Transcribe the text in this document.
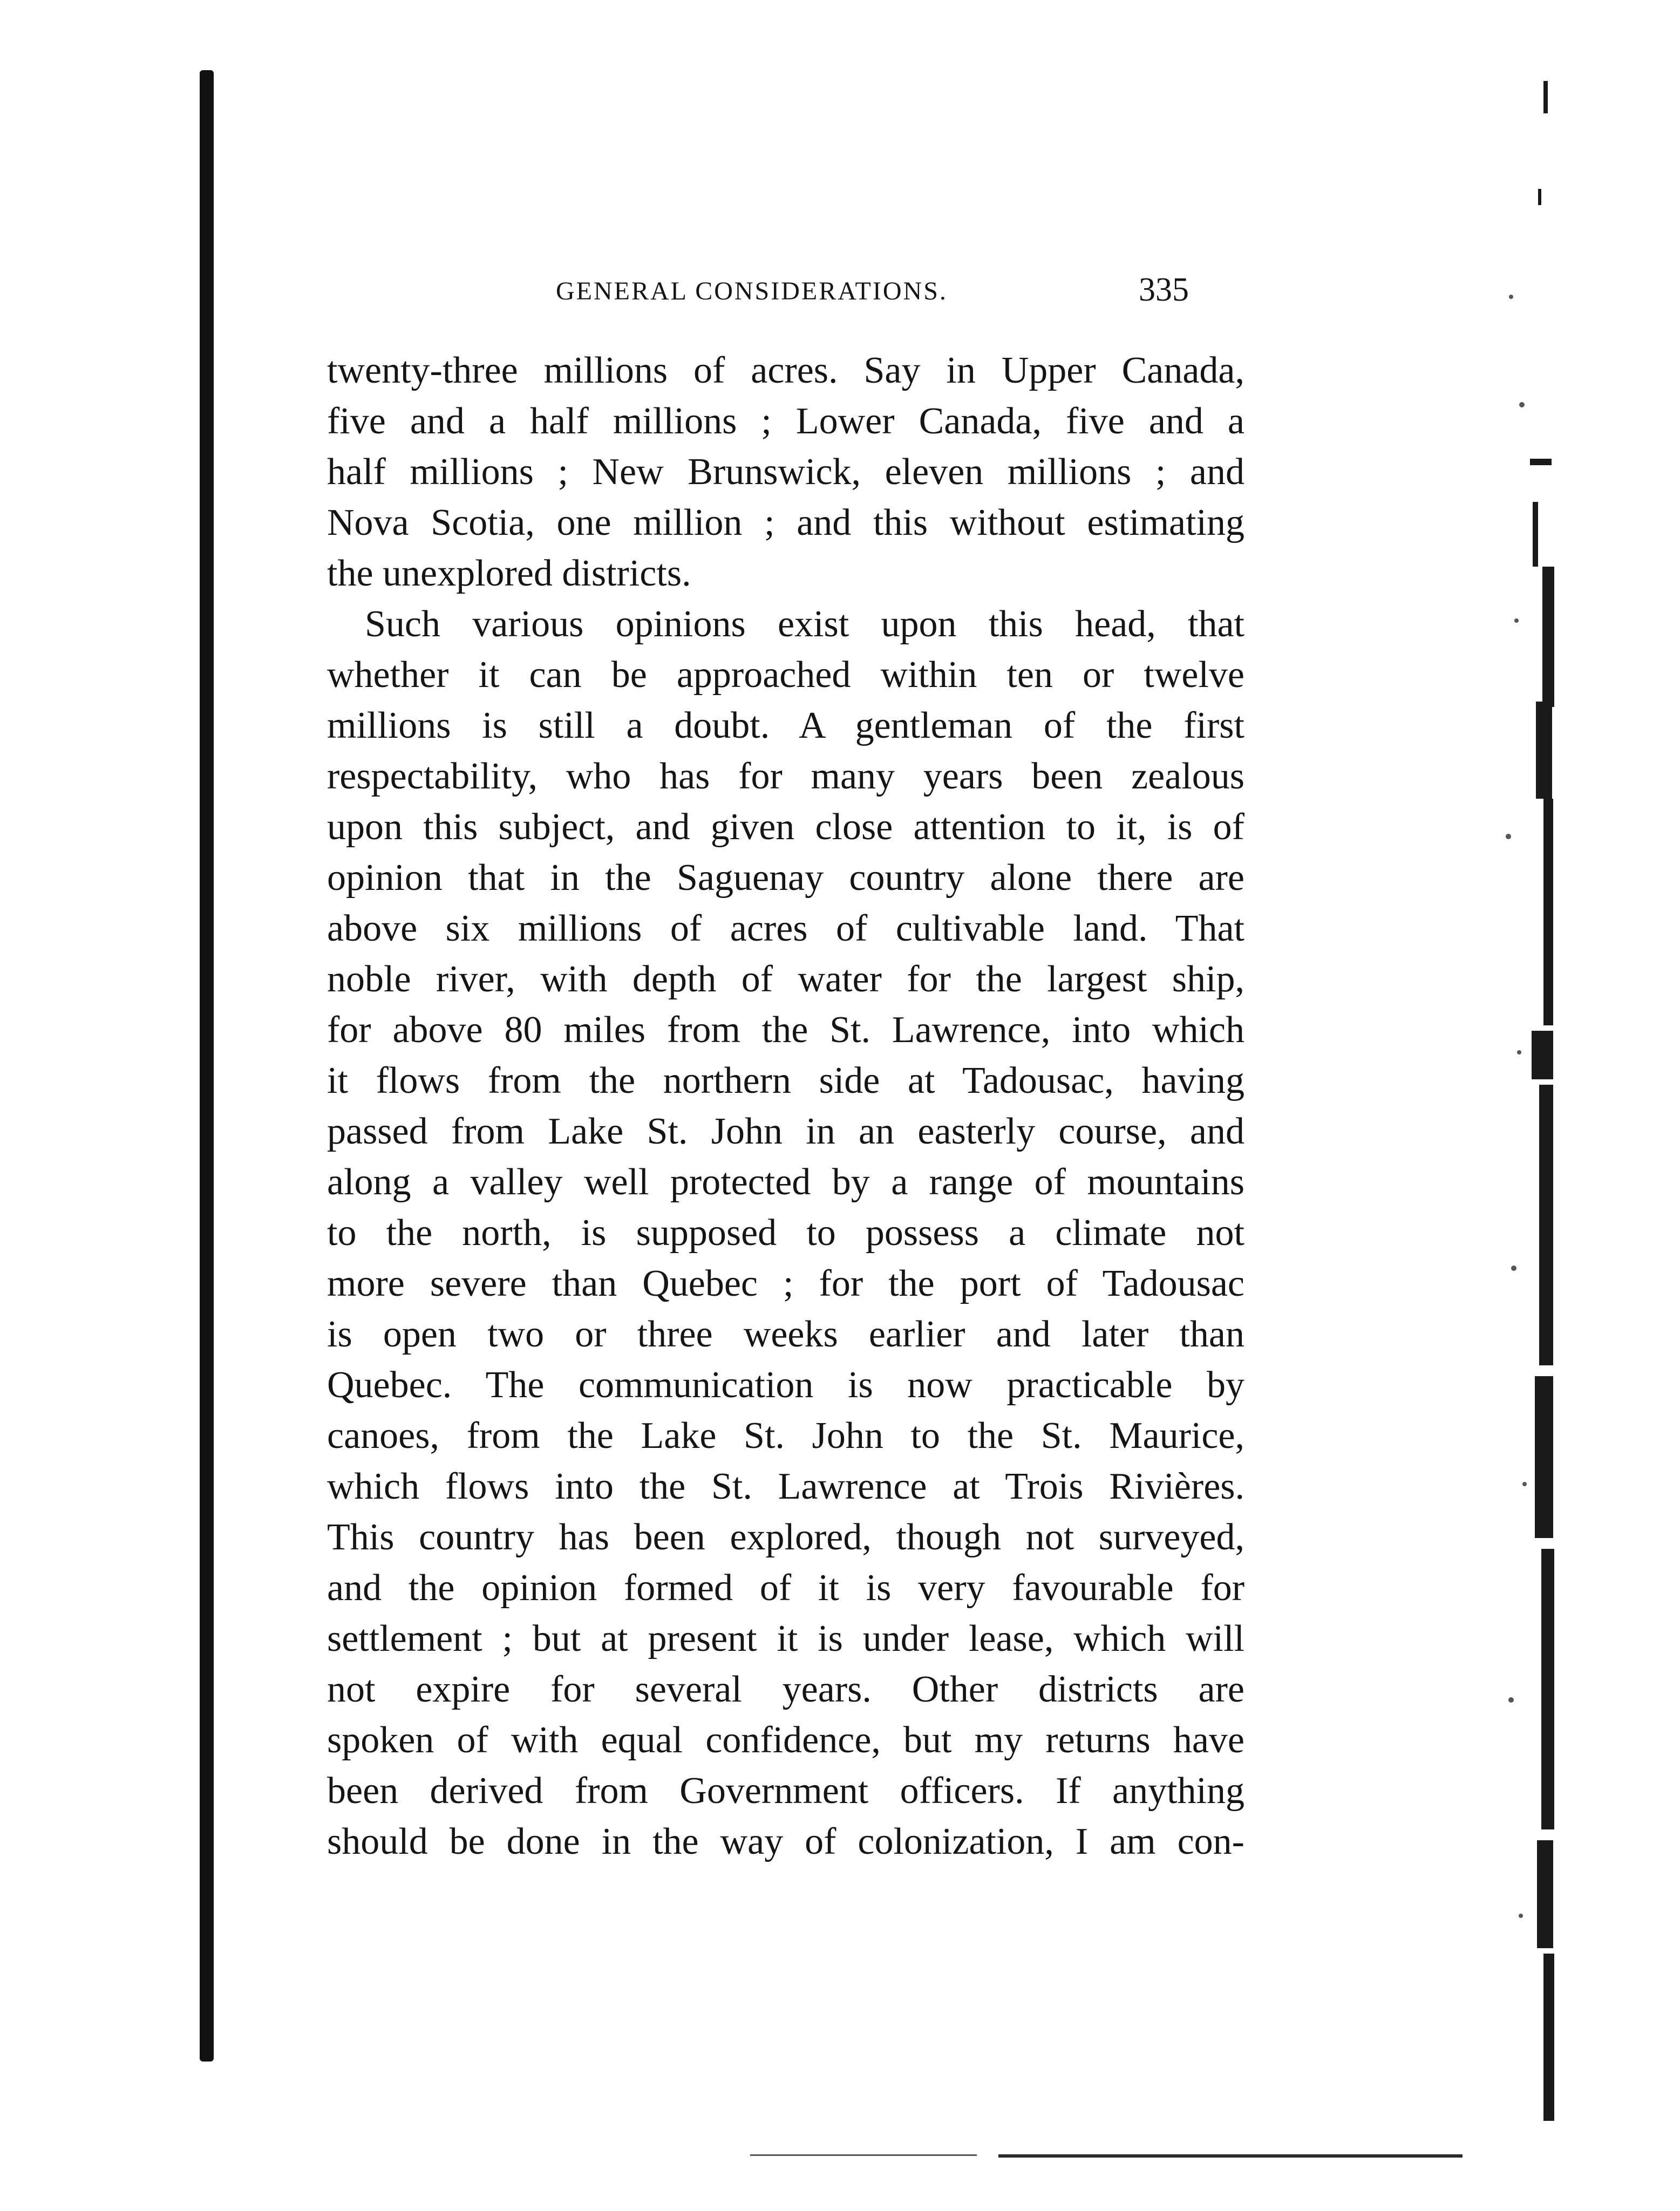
GENERAL CONSIDERATIONS.	335
twenty-three millions of acres. Say in Upper Canada,
five and a half millions ; Lower Canada, five and a
half millions ; New Brunswick, eleven millions ; and
Nova Scotia, one million ; and this without estimating
the unexplored districts.
Such various opinions exist upon this head, that
whether it can be approached within ten or twelve
millions is still a doubt. A gentleman of the first
respectability, who has for many years been zealous
upon this subject, and given close attention to it, is of
opinion that in the Saguenay country alone there are
above six millions of acres of cultivable land. That
noble river, with depth of water for the largest ship,
for above 80 miles from the St. Lawrence, into which
it flows from the northern side at Tadousac, having
passed from Lake St. John in an easterly course, and
along a valley well protected by a range of mountains
to the north, is supposed to possess a climate not
more severe than Quebec ; for the port of Tadousac
is open two or three weeks earlier and later than
Quebec. The communication is now practicable by
canoes, from the Lake St. John to the St. Maurice,
which flows into the St. Lawrence at Trois Rivières.
This country has been explored, though not surveyed,
and the opinion formed of it is very favourable for
settlement ; but at present it is under lease, which will
not expire for several years. Other districts are
spoken of with equal confidence, but my returns have
been derived from Government officers. If anything
should be done in the way of colonization, I am con-
